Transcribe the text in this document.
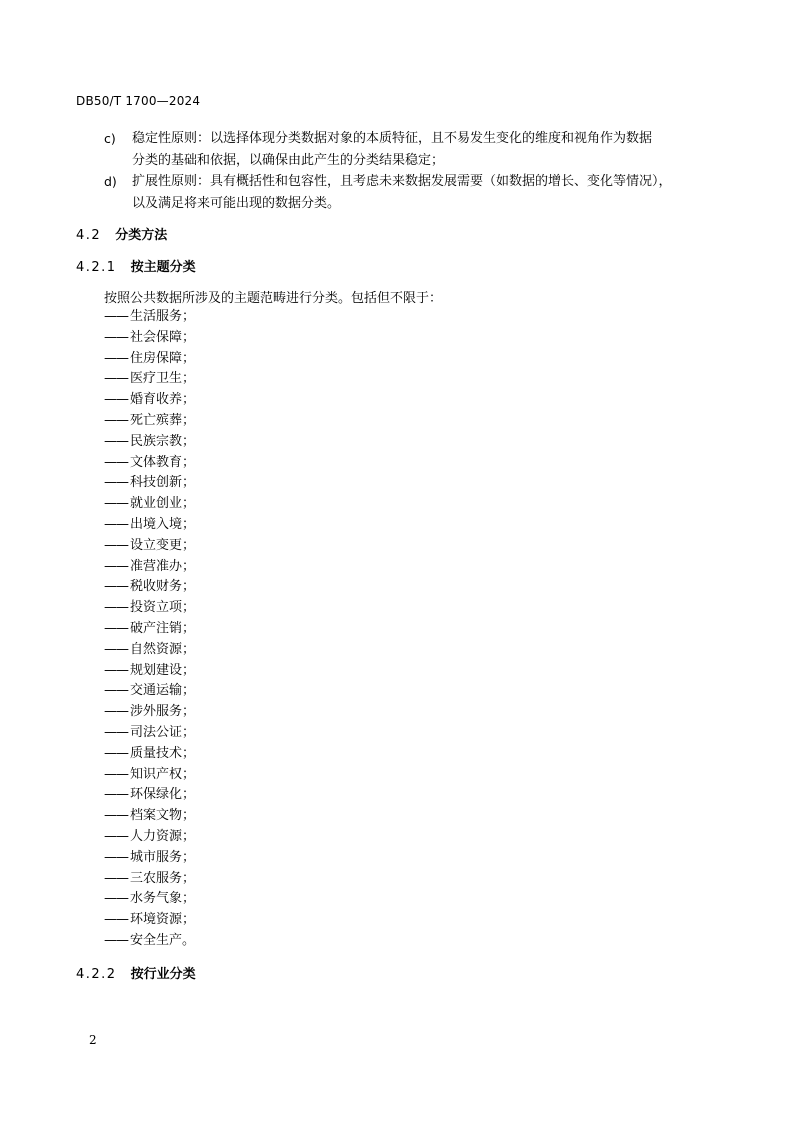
DB50/T 1700—2024
c) 稳定性原则：以选择体现分类数据对象的本质特征，且不易发生变化的维度和视角作为数据
分类的基础和依据，以确保由此产生的分类结果稳定；
d) 扩展性原则：具有概括性和包容性，且考虑未来数据发展需要（如数据的增长、变化等情况），
以及满足将来可能出现的数据分类。
4.2 分类方法
4.2.1 按主题分类
按照公共数据所涉及的主题范畴进行分类。包括但不限于：
—— 生活服务；
—— 社会保障；
—— 住房保障；
—— 医疗卫生；
—— 婚育收养；
—— 死亡殡葬；
—— 民族宗教；
—— 文体教育；
—— 科技创新；
—— 就业创业；
—— 出境入境；
—— 设立变更；
—— 准营准办；
—— 税收财务；
—— 投资立项；
—— 破产注销；
—— 自然资源；
—— 规划建设；
—— 交通运输；
—— 涉外服务；
—— 司法公证；
—— 质量技术；
—— 知识产权；
—— 环保绿化；
—— 档案文物；
—— 人力资源；
—— 城市服务；
—— 三农服务；
—— 水务气象；
—— 环境资源；
—— 安全生产。
4.2.2 按行业分类
2
